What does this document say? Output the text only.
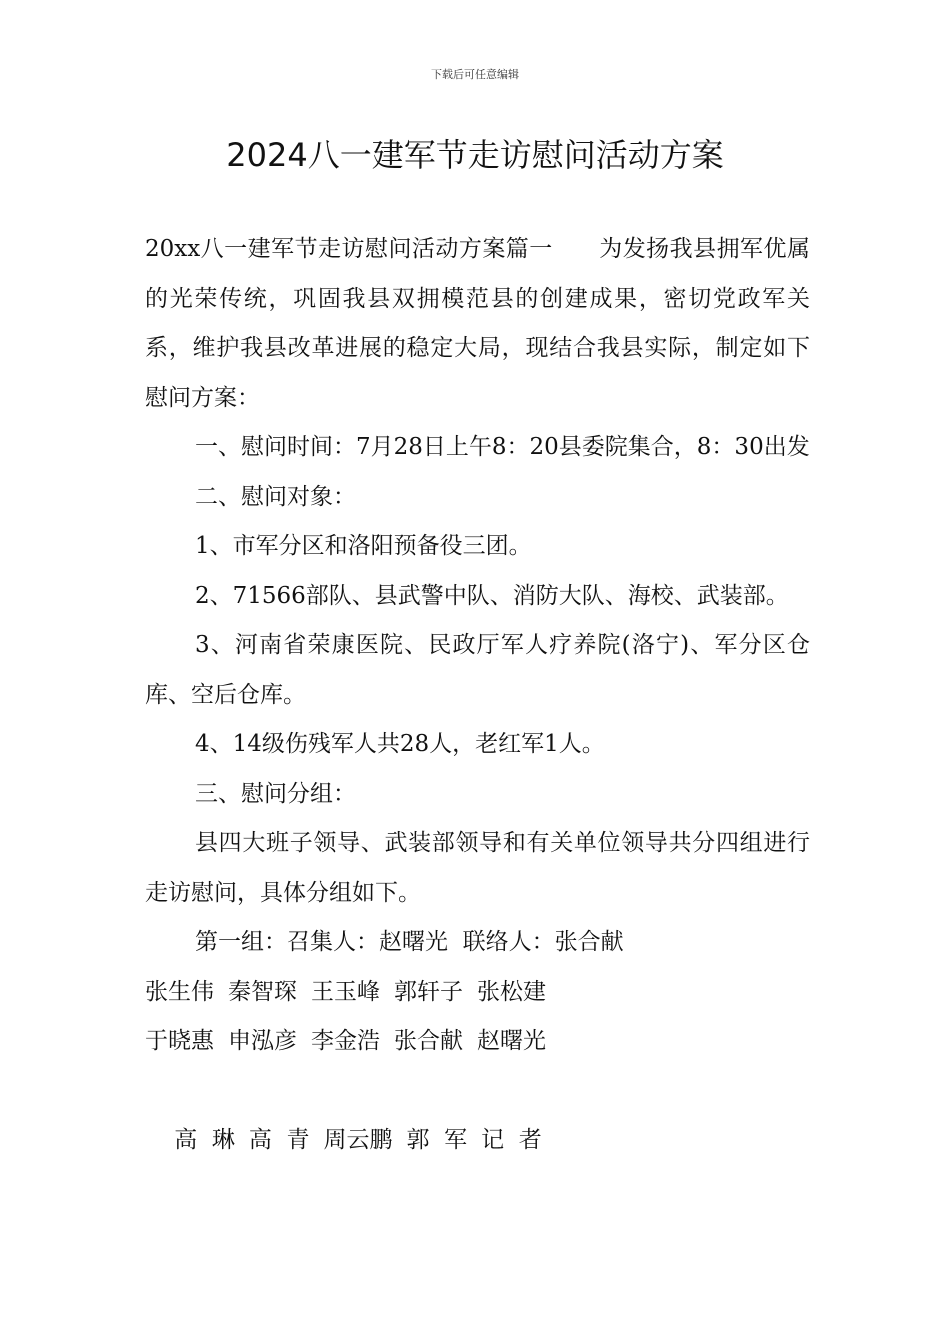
下载后可任意编辑
2024八一建军节走访慰问活动方案

20xx八一建军节走访慰问活动方案篇一 为发扬我县拥军优属的光荣传统，巩固我县双拥模范县的创建成果，密切党政军关系，维护我县改革进展的稳定大局，现结合我县实际，制定如下慰问方案：

一、慰问时间：7月28日上午8：20县委院集合，8：30出发

二、慰问对象：

1、市军分区和洛阳预备役三团。

2、71566部队、县武警中队、消防大队、海校、武装部。

3、河南省荣康医院、民政厅军人疗养院(洛宁)、军分区仓库、空后仓库。

4、14级伤残军人共28人，老红军1人。

三、慰问分组：

县四大班子领导、武装部领导和有关单位领导共分四组进行走访慰问，具体分组如下。

第一组：召集人：赵曙光  联络人：张合献

张生伟 秦智琛 王玉峰 郭轩子 张松建

于晓惠 申泓彦 李金浩 张合献 赵曙光

高  琳 高  青 周云鹏 郭  军 记  者
